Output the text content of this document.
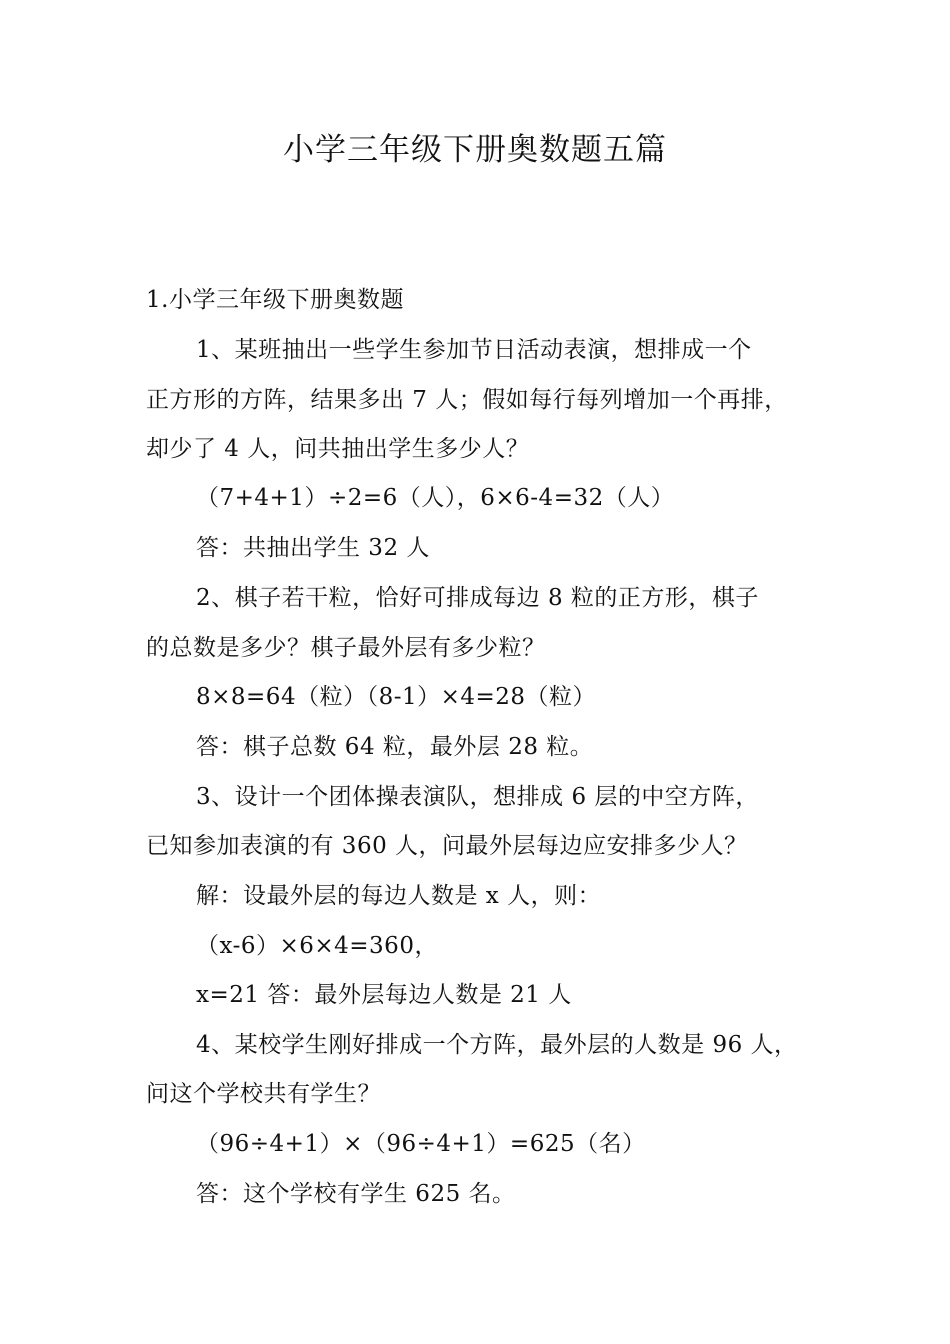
小学三年级下册奥数题五篇
1.小学三年级下册奥数题
1、某班抽出一些学生参加节日活动表演，想排成一个
正方形的方阵，结果多出 7 人；假如每行每列增加一个再排，
却少了 4 人，问共抽出学生多少人？
（7+4+1）÷2=6（人），6×6-4=32（人）
答：共抽出学生 32 人
2、棋子若干粒，恰好可排成每边 8 粒的正方形，棋子
的总数是多少？棋子最外层有多少粒？
8×8=64（粒）（8-1）×4=28（粒）
答：棋子总数 64 粒，最外层 28 粒。
3、设计一个团体操表演队，想排成 6 层的中空方阵，
已知参加表演的有 360 人，问最外层每边应安排多少人？
解：设最外层的每边人数是 x 人，则：
（x-6）×6×4=360，
x=21 答：最外层每边人数是 21 人
4、某校学生刚好排成一个方阵，最外层的人数是 96 人，
问这个学校共有学生？
（96÷4+1）×（96÷4+1）=625（名）
答：这个学校有学生 625 名。
